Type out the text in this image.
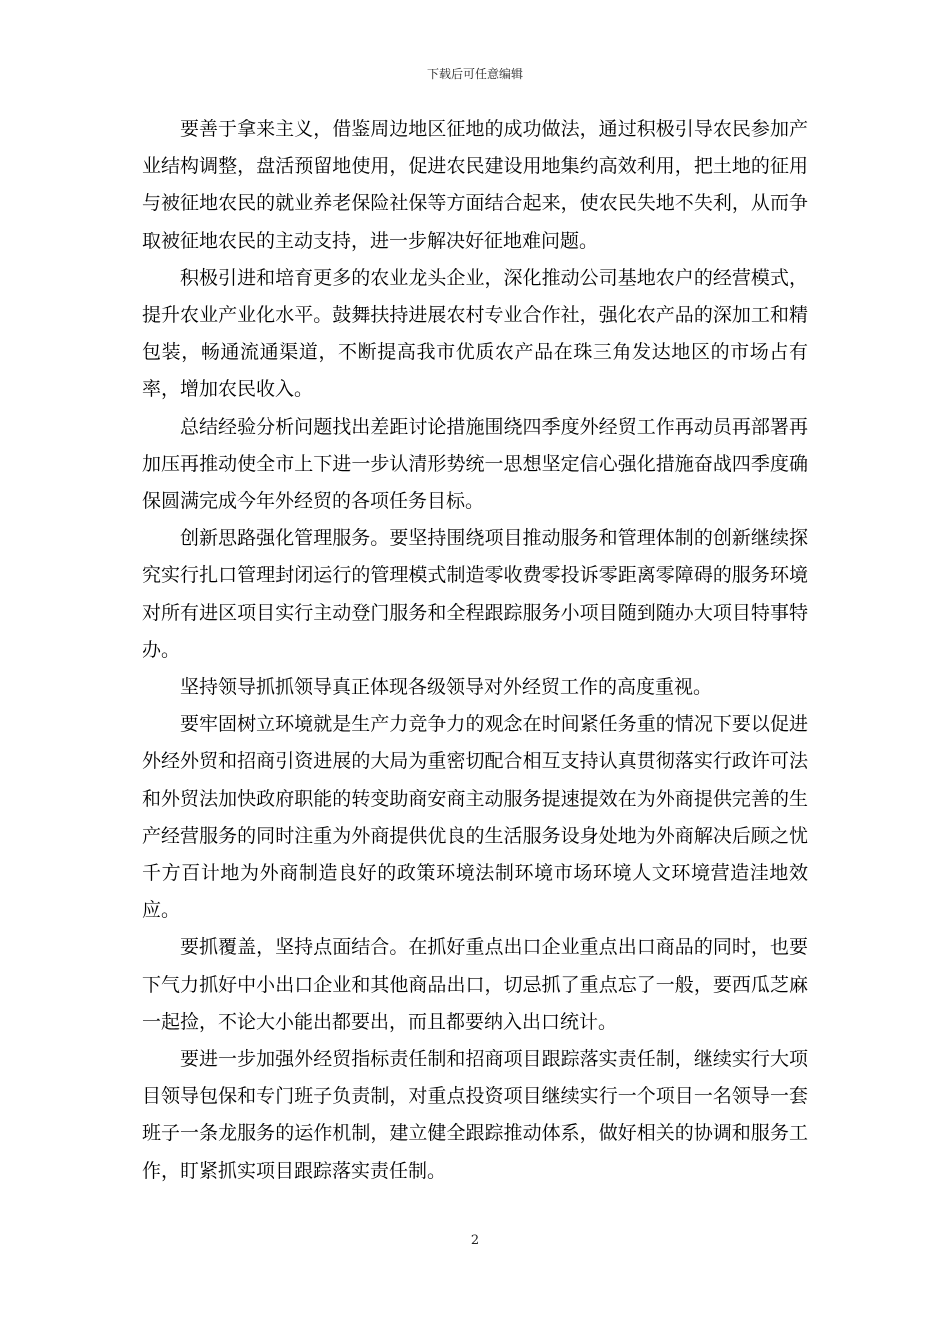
下载后可任意编辑

要善于拿来主义，借鉴周边地区征地的成功做法，通过积极引导农民参加产业结构调整，盘活预留地使用，促进农民建设用地集约高效利用，把土地的征用与被征地农民的就业养老保险社保等方面结合起来，使农民失地不失利，从而争取被征地农民的主动支持，进一步解决好征地难问题。

积极引进和培育更多的农业龙头企业，深化推动公司基地农户的经营模式，提升农业产业化水平。鼓舞扶持进展农村专业合作社，强化农产品的深加工和精包装，畅通流通渠道，不断提高我市优质农产品在珠三角发达地区的市场占有率，增加农民收入。

总结经验分析问题找出差距讨论措施围绕四季度外经贸工作再动员再部署再加压再推动使全市上下进一步认清形势统一思想坚定信心强化措施奋战四季度确保圆满完成今年外经贸的各项任务目标。

创新思路强化管理服务。要坚持围绕项目推动服务和管理体制的创新继续探究实行扎口管理封闭运行的管理模式制造零收费零投诉零距离零障碍的服务环境对所有进区项目实行主动登门服务和全程跟踪服务小项目随到随办大项目特事特办。

坚持领导抓抓领导真正体现各级领导对外经贸工作的高度重视。

要牢固树立环境就是生产力竞争力的观念在时间紧任务重的情况下要以促进外经外贸和招商引资进展的大局为重密切配合相互支持认真贯彻落实行政许可法和外贸法加快政府职能的转变助商安商主动服务提速提效在为外商提供完善的生产经营服务的同时注重为外商提供优良的生活服务设身处地为外商解决后顾之忧千方百计地为外商制造良好的政策环境法制环境市场环境人文环境营造洼地效应。

要抓覆盖，坚持点面结合。在抓好重点出口企业重点出口商品的同时，也要下气力抓好中小出口企业和其他商品出口，切忌抓了重点忘了一般，要西瓜芝麻一起捡，不论大小能出都要出，而且都要纳入出口统计。

要进一步加强外经贸指标责任制和招商项目跟踪落实责任制，继续实行大项目领导包保和专门班子负责制，对重点投资项目继续实行一个项目一名领导一套班子一条龙服务的运作机制，建立健全跟踪推动体系，做好相关的协调和服务工作，盯紧抓实项目跟踪落实责任制。

2
